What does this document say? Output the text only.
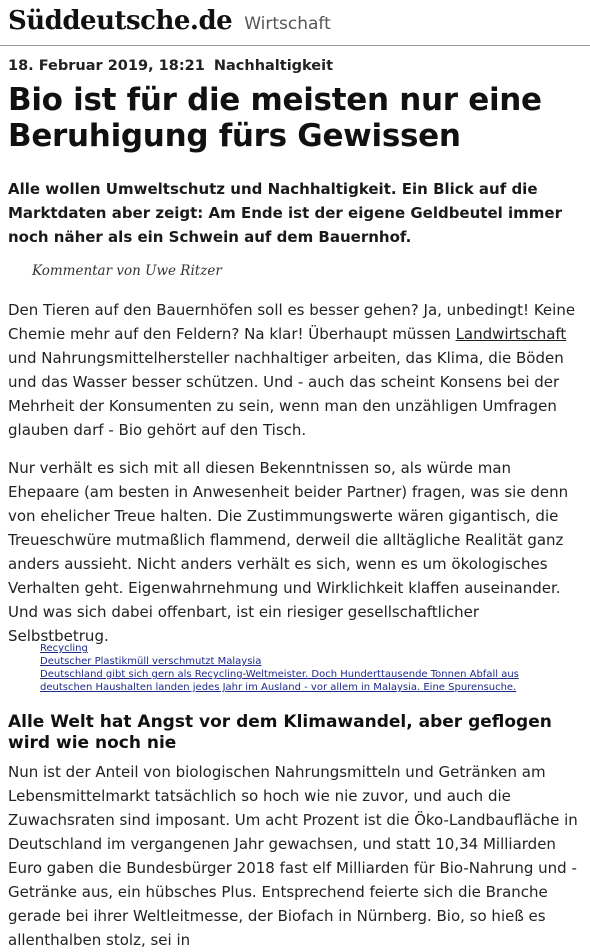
Süddeutsche.de Wirtschaft
18. Februar 2019, 18:21 Nachhaltigkeit
Bio ist für die meisten nur eine Beruhigung fürs Gewissen

Alle wollen Umweltschutz und Nachhaltigkeit. Ein Blick auf die Marktdaten aber zeigt: Am Ende ist der eigene Geldbeutel immer noch näher als ein Schwein auf dem Bauernhof.

Kommentar von Uwe Ritzer

Den Tieren auf den Bauernhöfen soll es besser gehen? Ja, unbedingt! Keine Chemie mehr auf den Feldern? Na klar! Überhaupt müssen Landwirtschaft und Nahrungsmittelhersteller nachhaltiger arbeiten, das Klima, die Böden und das Wasser besser schützen. Und - auch das scheint Konsens bei der Mehrheit der Konsumenten zu sein, wenn man den unzähligen Umfragen glauben darf - Bio gehört auf den Tisch.

Nur verhält es sich mit all diesen Bekenntnissen so, als würde man Ehepaare (am besten in Anwesenheit beider Partner) fragen, was sie denn von ehelicher Treue halten. Die Zustimmungswerte wären gigantisch, die Treueschwüre mutmaßlich flammend, derweil die alltägliche Realität ganz anders aussieht. Nicht anders verhält es sich, wenn es um ökologisches Verhalten geht. Eigenwahrnehmung und Wirklichkeit klaffen auseinander. Und was sich dabei offenbart, ist ein riesiger gesellschaftlicher Selbstbetrug.

Recycling
Deutscher Plastikmüll verschmutzt Malaysia
Deutschland gibt sich gern als Recycling-Weltmeister. Doch Hunderttausende Tonnen Abfall aus
deutschen Haushalten landen jedes Jahr im Ausland - vor allem in Malaysia. Eine Spurensuche.
Alle Welt hat Angst vor dem Klimawandel, aber geflogen wird wie noch nie

Nun ist der Anteil von biologischen Nahrungsmitteln und Getränken am Lebensmittelmarkt tatsächlich so hoch wie nie zuvor, und auch die Zuwachsraten sind imposant. Um acht Prozent ist die Öko-Landbaufläche in Deutschland im vergangenen Jahr gewachsen, und statt 10,34 Milliarden Euro gaben die Bundesbürger 2018 fast elf Milliarden für Bio-Nahrung und -Getränke aus, ein hübsches Plus. Entsprechend feierte sich die Branche gerade bei ihrer Weltleitmesse, der Biofach in Nürnberg. Bio, so hieß es allenthalben stolz, sei in
